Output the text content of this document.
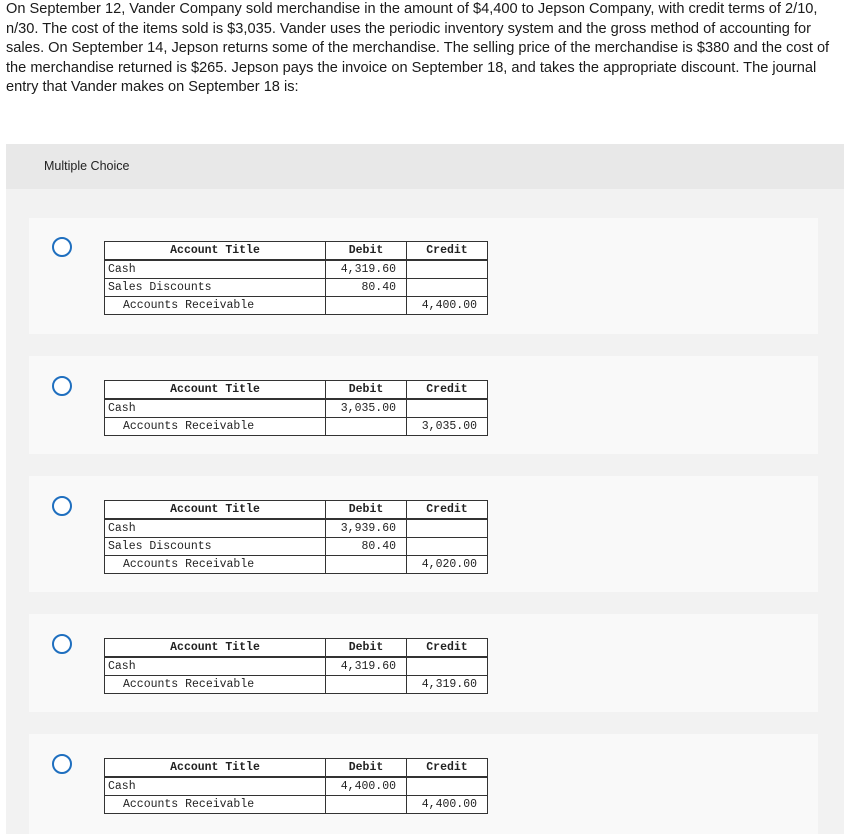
On September 12, Vander Company sold merchandise in the amount of $4,400 to Jepson Company, with credit terms of 2/10, n/30. The cost of the items sold is $3,035. Vander uses the periodic inventory system and the gross method of accounting for sales. On September 14, Jepson returns some of the merchandise. The selling price of the merchandise is $380 and the cost of the merchandise returned is $265. Jepson pays the invoice on September 18, and takes the appropriate discount. The journal entry that Vander makes on September 18 is:
Multiple Choice
Account Title	Debit	Credit
Cash	4,319.60	
Sales Discounts	80.40	
Accounts Receivable		4,400.00
Account Title	Debit	Credit
Cash	3,035.00	
Accounts Receivable		3,035.00
Account Title	Debit	Credit
Cash	3,939.60	
Sales Discounts	80.40	
Accounts Receivable		4,020.00
Account Title	Debit	Credit
Cash	4,319.60	
Accounts Receivable		4,319.60
Account Title	Debit	Credit
Cash	4,400.00	
Accounts Receivable		4,400.00
